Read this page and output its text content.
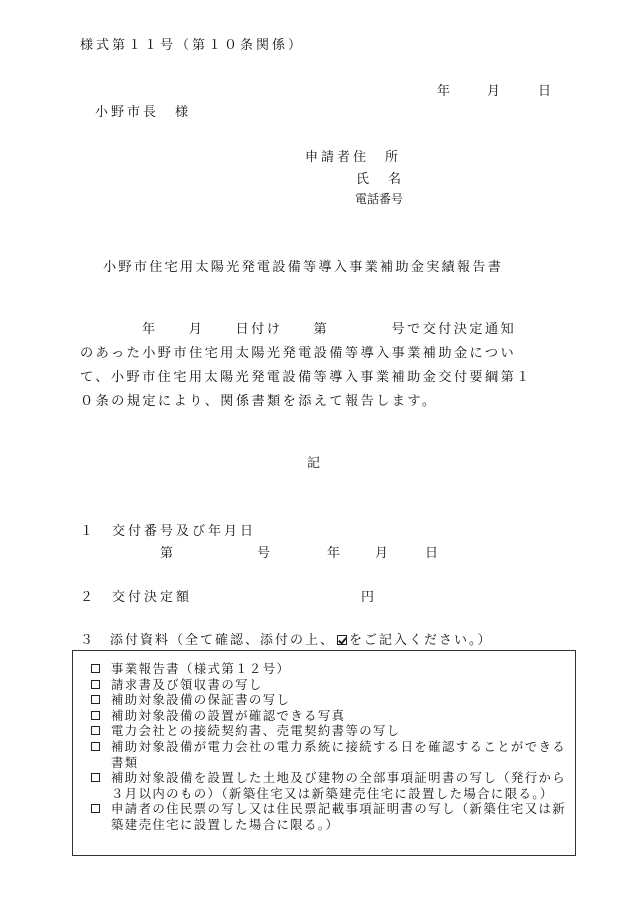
様式第１１号（第１０条関係）
年	月	日
小野市長　様
申請者住　所
氏　名
電話番号
小野市住宅用太陽光発電設備等導入事業補助金実績報告書
年　　月　　日付け　　第　　　　号で交付決定通知
のあった小野市住宅用太陽光発電設備等導入事業補助金につい
て、小野市住宅用太陽光発電設備等導入事業補助金交付要綱第１
０条の規定により、関係書類を添えて報告します。
記
１　交付番号及び年月日
第	号	年	月	日
２　交付決定額	円
３　添付資料（全て確認、添付の上、 をご記入ください。）
事業報告書（様式第１２号）
請求書及び領収書の写し
補助対象設備の保証書の写し
補助対象設備の設置が確認できる写真
電力会社との接続契約書、売電契約書等の写し
補助対象設備が電力会社の電力系統に接続する日を確認することができる書類
補助対象設備を設置した土地及び建物の全部事項証明書の写し（発行から３月以内のもの）（新築住宅又は新築建売住宅に設置した場合に限る。）
申請者の住民票の写し又は住民票記載事項証明書の写し（新築住宅又は新築建売住宅に設置した場合に限る。）
